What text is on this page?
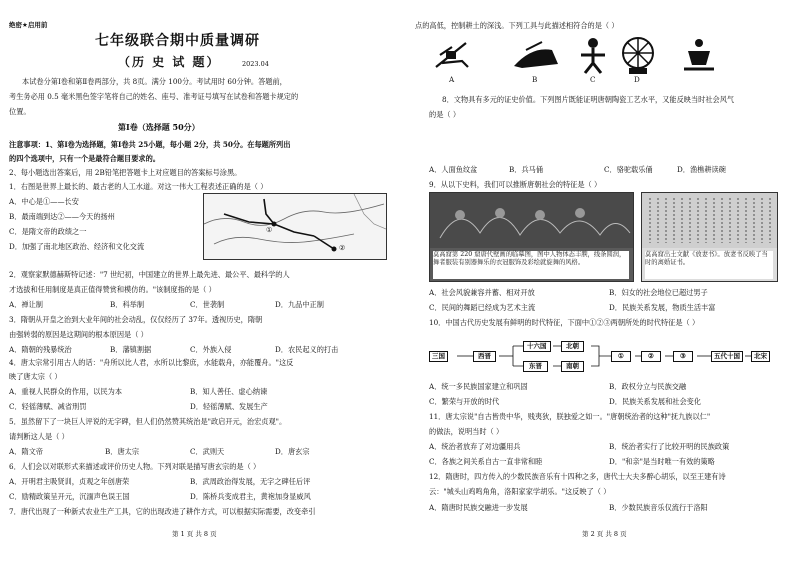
绝密★启用前
七年级联合期中质量调研
（历 史 试 题）	2023.04
本试卷分第Ⅰ卷和第Ⅱ卷两部分，共 8页。满分 100分。考试用时 60分钟。答题前，
考生务必用 0.5 毫米黑色签字笔将自己的姓名、座号、准考证号填写在试卷和答题卡规定的
位置。
第Ⅰ卷（选择题 50分）
注意事项：1、第Ⅰ卷为选择题，第Ⅰ卷共 25小题，每小题 2分，共 50分。在每题所列出
的四个选项中，只有一个是最符合题目要求的。
2、每小题选出答案后，用 2B铅笔把答题卡上对应题目的答案标号涂黑。
1．右图是世界上最长的、最古老的人工水道。对这一伟大工程表述正确的是（ ）
A．中心是①——长安
B．最南端到达②——今天的扬州
C．是隋文帝的政绩之一
D．加强了南北地区政治、经济和文化交流
①
②
2．观察家默德赫斯特记述："7 世纪初，中国建立的世界上最先进、最公平、最科学的人
才选拔和任用制度是真正值得赞赏和模仿的。"该制度指的是（ ）
A．禅让制	B．科举制	C．世袭制	D．九品中正制
3．隋朝从开皇之治到大业年间的社会动乱，仅仅经历了 37年。透视历史，隋朝
由强转弱的原因是这期间的根本原因是（ ）
A．隋朝的残暴统治	B．藩镇割据	C．外族入侵	D．农民起义的打击
4．唐太宗常引用古人的话："舟所以比人君，水所以比黎庶，水能载舟，亦能覆舟。"这反
映了唐太宗（ ）
A．重视人民群众的作用，以民为本	B．知人善任、虚心纳谏
C．轻徭薄赋、减省刑罚	D．轻徭薄赋、发展生产
5．虽然留下了一块巨人评说的无字碑，但人们仍然赞其统治是"政启开元，治宏贞观"。
请判断这人是（ ）
A．隋文帝	B．唐太宗	C．武则天	D．唐玄宗
6．人们会以对联形式来描述或评价历史人物。下列对联是描写唐玄宗的是（ ）
A．开明君主吸贤训，贞观之年创唐荣	B．武周政治得发展，无字之碑任后评
C．励精政策呈开元，沉湎声色误王国	D．陈桥兵变成君主，黄袍加身显威风
7．唐代出现了一种新式农业生产工具，它的出现改进了耕作方式，可以根据实际需要，改变牵引
第 1 页 共 8 页
点的高低，控制耕土的深浅。下列工具与此描述相符合的是（ ）
A	B	C	D
8．文物具有多元的证史价值。下列图片既能证明唐朝陶瓷工艺水平，又能反映当时社会风气
的是（ ）
A．人面鱼纹盆	B．兵马俑	C．骆驼载乐俑	D．渔樵耕读碗
9．从以下史料，我们可以推断唐朝社会的特征是（ ）
莫高窟第 220 窟唐代壁画的临摹图，图中人物体态丰腴，线条圆润，舞者服装有别器舞乐的衣冠服饰及彩绘就旋舞的风格。
莫高窟出土文献《放妻书》。放妻书反映了当时的离婚证书。
A．社会风貌兼容并蓄、相对开放	B．妇女的社会地位已超过男子
C．民间的舞蹈已经成为艺术主流	D．民族关系发展，物质生活丰富
10．中国古代历史发展有鲜明的时代特征，下面中①②③两朝所处的时代特征是（ ）
三国	西晋
十六国
东晋
北朝
南朝
①	②	③	五代十国	北宋
A．统一多民族国家建立和巩固	B．政权分立与民族交融
C．繁荣与开放的时代	D．民族关系发展和社会变化
11．唐太宗说"自古皆贵中华，贱夷狄，朕独爱之如一。"唐朝统治者的这种"抚九族以仁"
的做法，说明当时（ ）
A．统治者放弃了对边疆用兵	B．统治者实行了比较开明的民族政策
C．各族之间关系自古一直非常和睦	D．"和亲"是当时唯一有效的策略
12．隋唐时，四方传入的少数民族音乐有十四种之多，唐代士大夫多醉心胡乐，以至王建有诗
云："城头山鸡鸣角角，洛阳家家学胡乐。"这反映了（ ）
A．隋唐时民族交融进一步发展	B．少数民族音乐仅流行于洛阳
第 2 页 共 8 页
